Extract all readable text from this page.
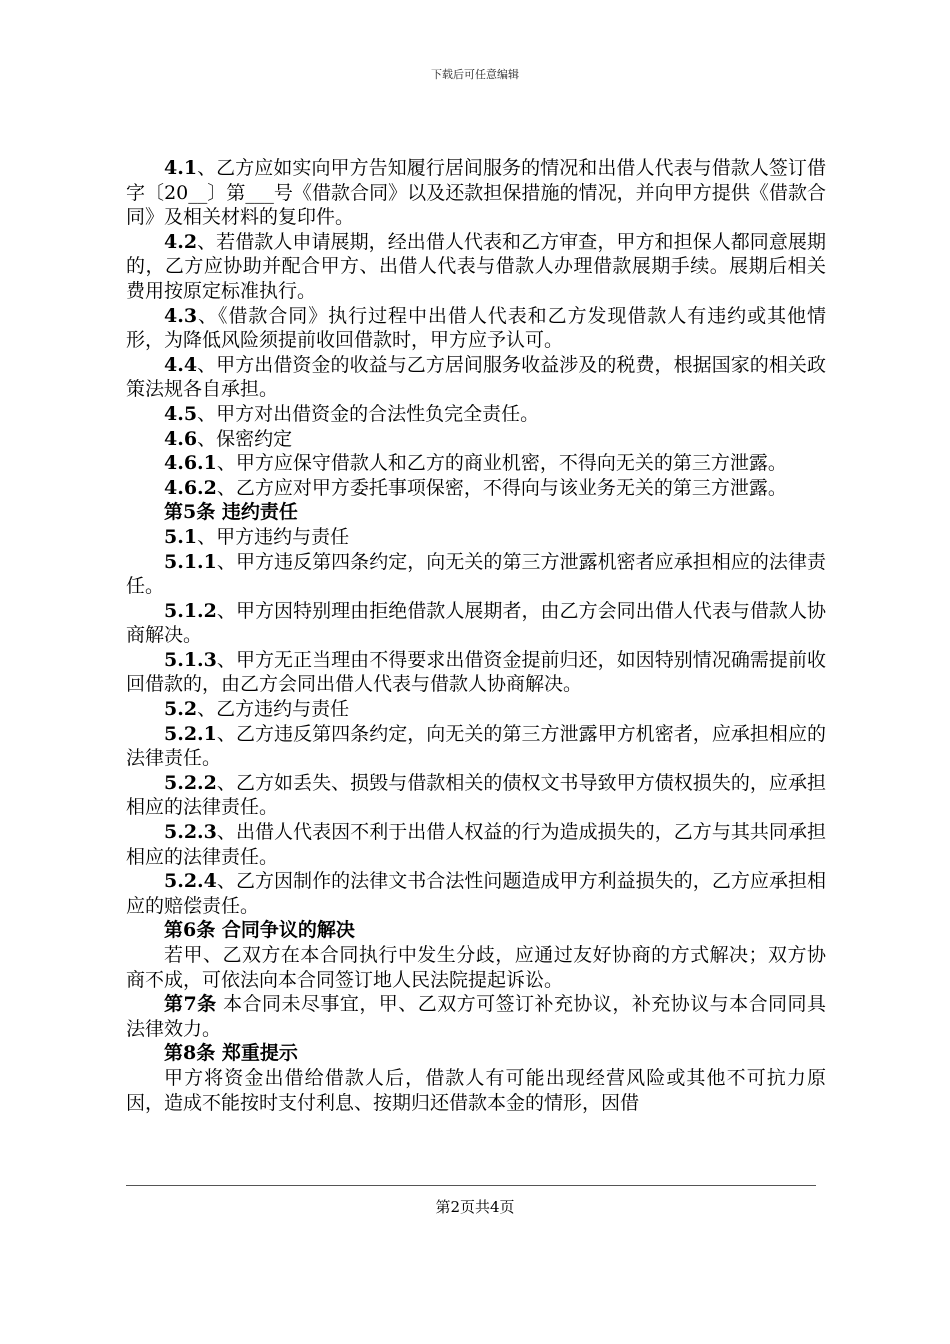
下载后可任意编辑

4.1、乙方应如实向甲方告知履行居间服务的情况和出借人代表与借款人签订借字〔20__〕第___号《借款合同》以及还款担保措施的情况，并向甲方提供《借款合同》及相关材料的复印件。

4.2、若借款人申请展期，经出借人代表和乙方审查，甲方和担保人都同意展期的，乙方应协助并配合甲方、出借人代表与借款人办理借款展期手续。展期后相关费用按原定标准执行。

4.3、《借款合同》执行过程中出借人代表和乙方发现借款人有违约或其他情形，为降低风险须提前收回借款时，甲方应予认可。

4.4、甲方出借资金的收益与乙方居间服务收益涉及的税费，根据国家的相关政策法规各自承担。

4.5、甲方对出借资金的合法性负完全责任。

4.6、保密约定

4.6.1、甲方应保守借款人和乙方的商业机密，不得向无关的第三方泄露。

4.6.2、乙方应对甲方委托事项保密，不得向与该业务无关的第三方泄露。

第5条 违约责任

5.1、甲方违约与责任

5.1.1、甲方违反第四条约定，向无关的第三方泄露机密者应承担相应的法律责任。

5.1.2、甲方因特别理由拒绝借款人展期者，由乙方会同出借人代表与借款人协商解决。

5.1.3、甲方无正当理由不得要求出借资金提前归还，如因特别情况确需提前收回借款的，由乙方会同出借人代表与借款人协商解决。

5.2、乙方违约与责任

5.2.1、乙方违反第四条约定，向无关的第三方泄露甲方机密者，应承担相应的法律责任。

5.2.2、乙方如丢失、损毁与借款相关的债权文书导致甲方债权损失的，应承担相应的法律责任。

5.2.3、出借人代表因不利于出借人权益的行为造成损失的，乙方与其共同承担相应的法律责任。

5.2.4、乙方因制作的法律文书合法性问题造成甲方利益损失的，乙方应承担相应的赔偿责任。

第6条 合同争议的解决

若甲、乙双方在本合同执行中发生分歧，应通过友好协商的方式解决；双方协商不成，可依法向本合同签订地人民法院提起诉讼。

第7条 本合同未尽事宜，甲、乙双方可签订补充协议，补充协议与本合同同具法律效力。

第8条 郑重提示

甲方将资金出借给借款人后，借款人有可能出现经营风险或其他不可抗力原因，造成不能按时支付利息、按期归还借款本金的情形，因借

第2页共4页
